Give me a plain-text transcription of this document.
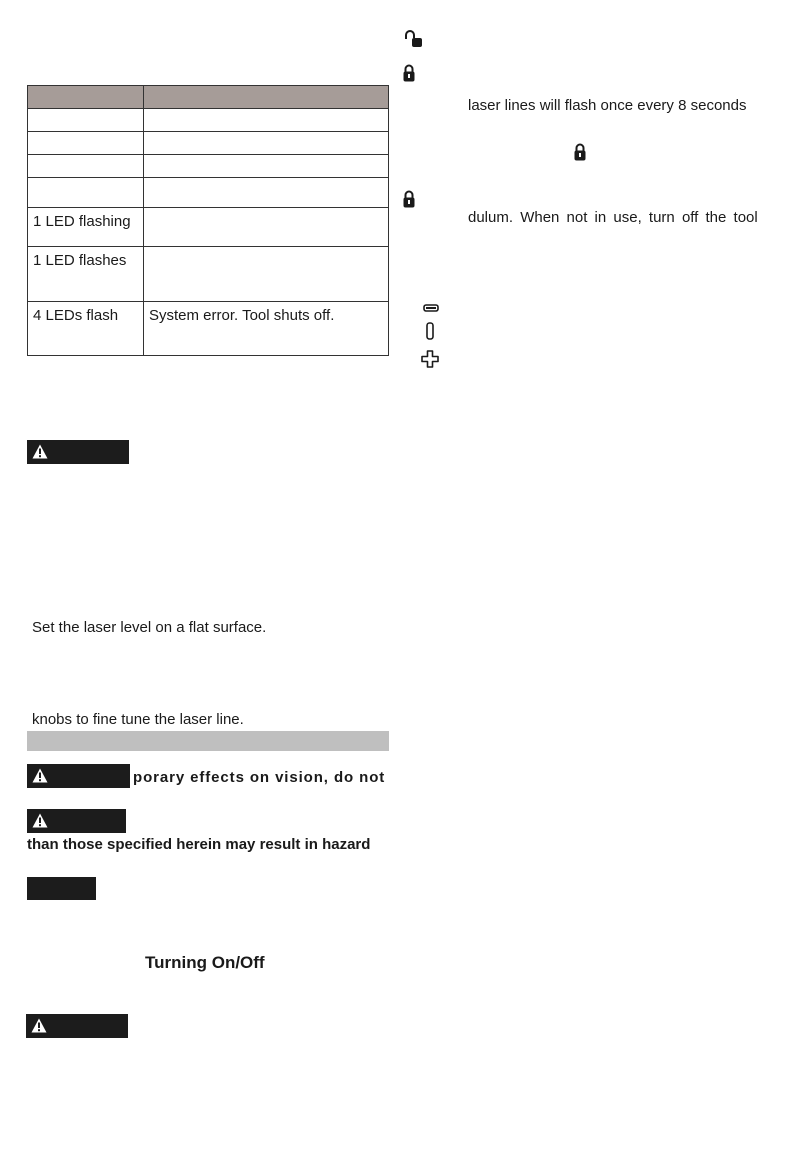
1 LED flashing	
1 LED flashes	
4 LEDs flash	System error. Tool shuts off.
Set the laser level on a flat surface.
knobs to fine tune the laser line.
porary effects on vision, do not
than those specified herein may result in hazard
Turning On/Off
laser lines will flash once every 8 seconds
dulum. When not in use, turn off the tool
